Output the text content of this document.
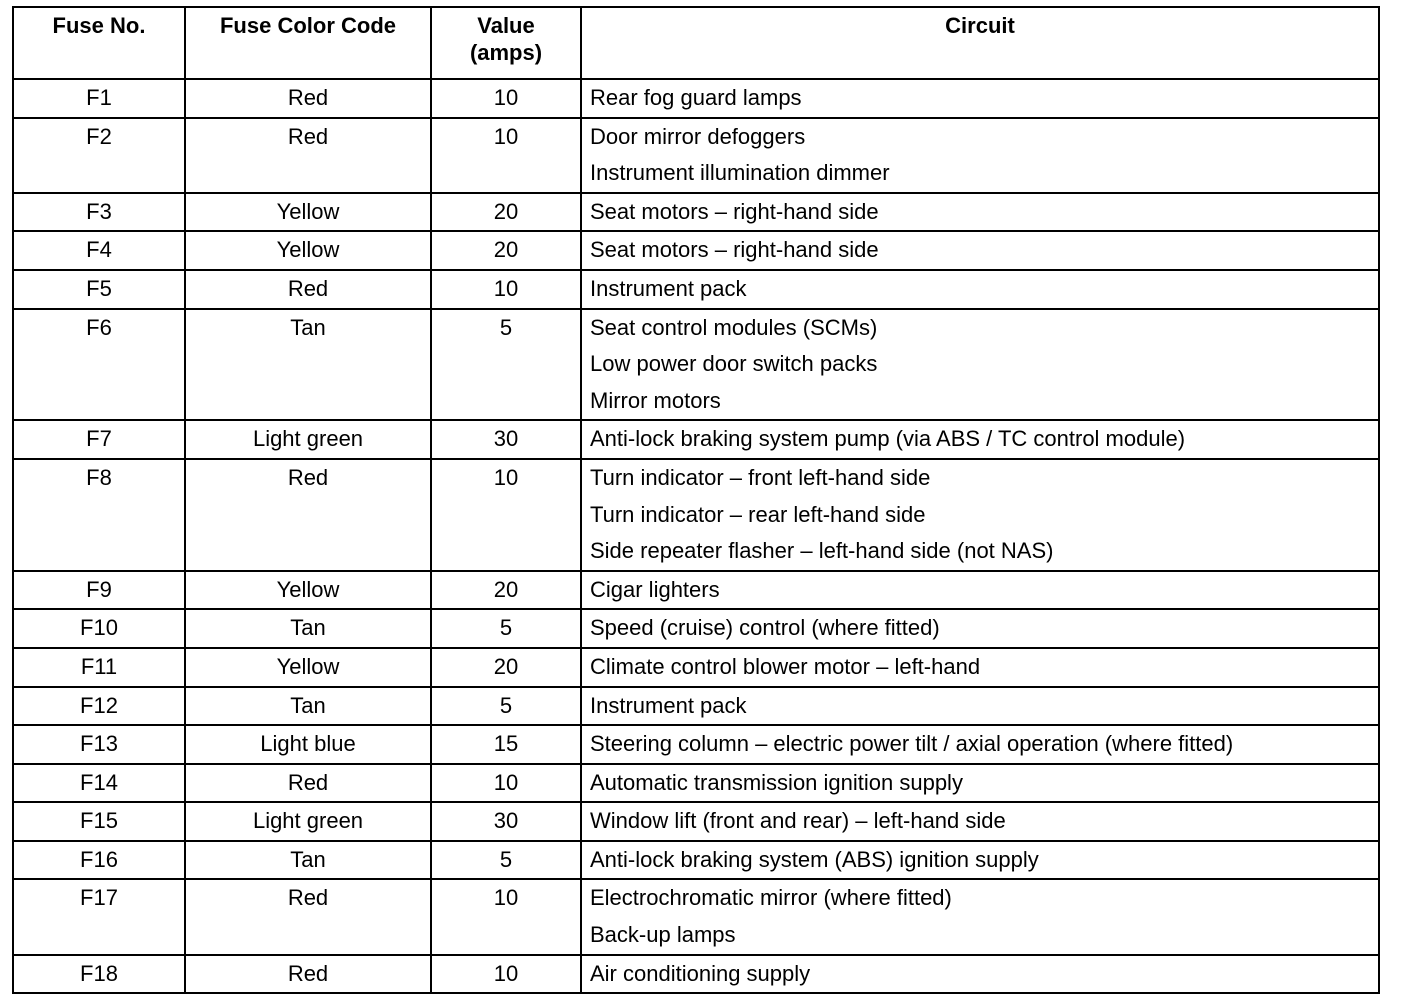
Fuse No.	Fuse Color Code	Value
(amps)	Circuit
F1	Red	10	Rear fog guard lamps

F2	Red	10	Door mirror defoggers
Instrument illumination dimmer

F3	Yellow	20	Seat motors – right-hand side

F4	Yellow	20	Seat motors – right-hand side

F5	Red	10	Instrument pack

F6	Tan	5	Seat control modules (SCMs)
Low power door switch packs
Mirror motors

F7	Light green	30	Anti-lock braking system pump (via ABS / TC control module)

F8	Red	10	Turn indicator – front left-hand side
Turn indicator – rear left-hand side
Side repeater flasher – left-hand side (not NAS)

F9	Yellow	20	Cigar lighters

F10	Tan	5	Speed (cruise) control (where fitted)

F11	Yellow	20	Climate control blower motor – left-hand

F12	Tan	5	Instrument pack

F13	Light blue	15	Steering column – electric power tilt / axial operation (where fitted)

F14	Red	10	Automatic transmission ignition supply

F15	Light green	30	Window lift (front and rear) – left-hand side

F16	Tan	5	Anti-lock braking system (ABS) ignition supply

F17	Red	10	Electrochromatic mirror (where fitted)
Back-up lamps

F18	Red	10	Air conditioning supply
